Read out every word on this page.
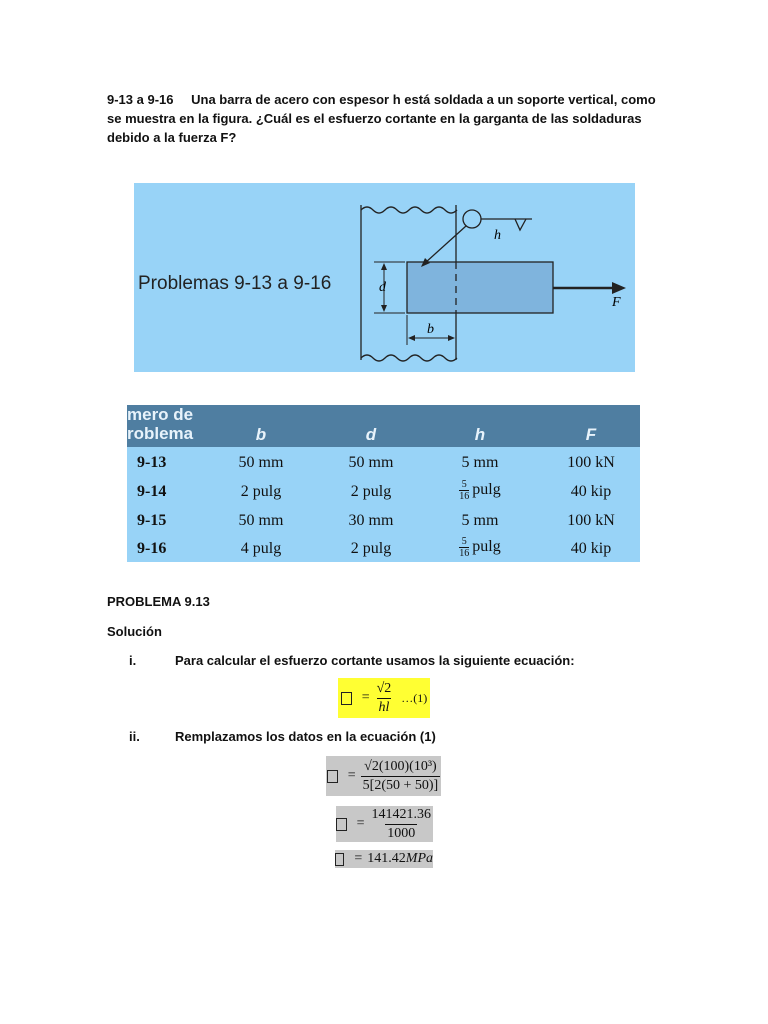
9-13 a 9-16 Una barra de acero con espesor h está soldada a un soporte vertical, como se muestra en la figura. ¿Cuál es el esfuerzo cortante en la garganta de las soldaduras debido a la fuerza F?
Problemas 9-13 a 9-16
h
d
b
F
mero de
roblema	b	d	h	F
9-13	50 mm	50 mm	5 mm	100 kN
9-14	2 pulg	2 pulg	$\frac{5}{16}$ pulg	40 kip
9-15	50 mm	30 mm	5 mm	100 kN
9-16	4 pulg	2 pulg	$\frac{5}{16}$ pulg	40 kip
PROBLEMA 9.13
Solución
i.	Para calcular el esfuerzo cortante usamos la siguiente ecuación:
= $\frac{√2}{hl}$ …(1)
ii.	Remplazamos los datos en la ecuación (1)
= $\frac{\text{√2(100)(10³)}}{5[2(50 + 50)]}$
= $\frac{141421.36}{1000}$
= 141.42 MPa
